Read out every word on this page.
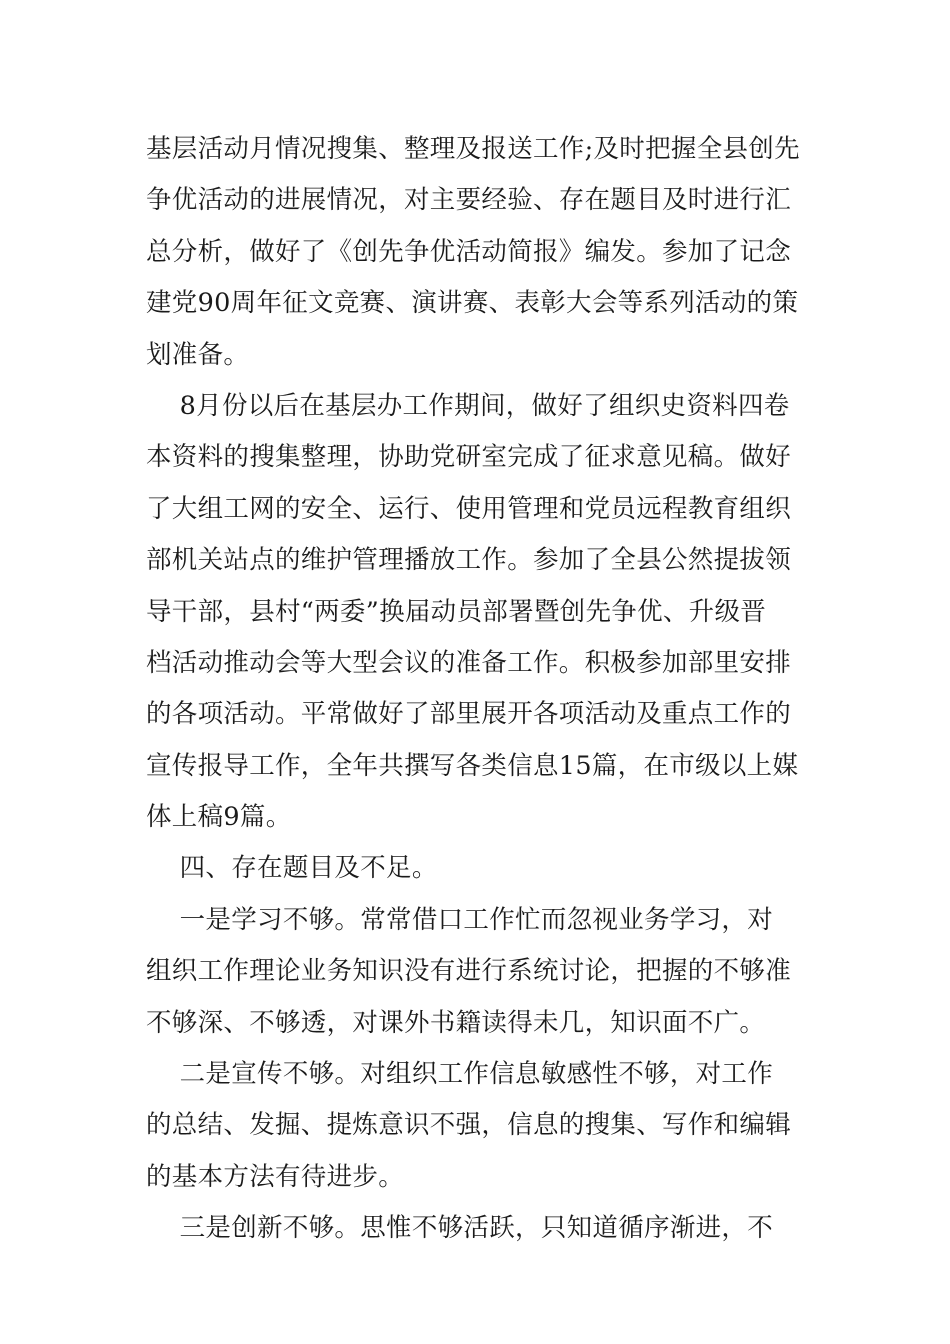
基层活动月情况搜集、整理及报送工作;及时把握全县创先
争优活动的进展情况，对主要经验、存在题目及时进行汇
总分析，做好了《创先争优活动简报》编发。参加了记念
建党90周年征文竞赛、演讲赛、表彰大会等系列活动的策
划准备。
8月份以后在基层办工作期间，做好了组织史资料四卷
本资料的搜集整理，协助党研室完成了征求意见稿。做好
了大组工网的安全、运行、使用管理和党员远程教育组织
部机关站点的维护管理播放工作。参加了全县公然提拔领
导干部，县村“两委”换届动员部署暨创先争优、升级晋
档活动推动会等大型会议的准备工作。积极参加部里安排
的各项活动。平常做好了部里展开各项活动及重点工作的
宣传报导工作，全年共撰写各类信息15篇，在市级以上媒
体上稿9篇。
四、存在题目及不足。
一是学习不够。常常借口工作忙而忽视业务学习，对
组织工作理论业务知识没有进行系统讨论，把握的不够准
不够深、不够透，对课外书籍读得未几，知识面不广。
二是宣传不够。对组织工作信息敏感性不够，对工作
的总结、发掘、提炼意识不强，信息的搜集、写作和编辑
的基本方法有待进步。
三是创新不够。思惟不够活跃，只知道循序渐进，不
